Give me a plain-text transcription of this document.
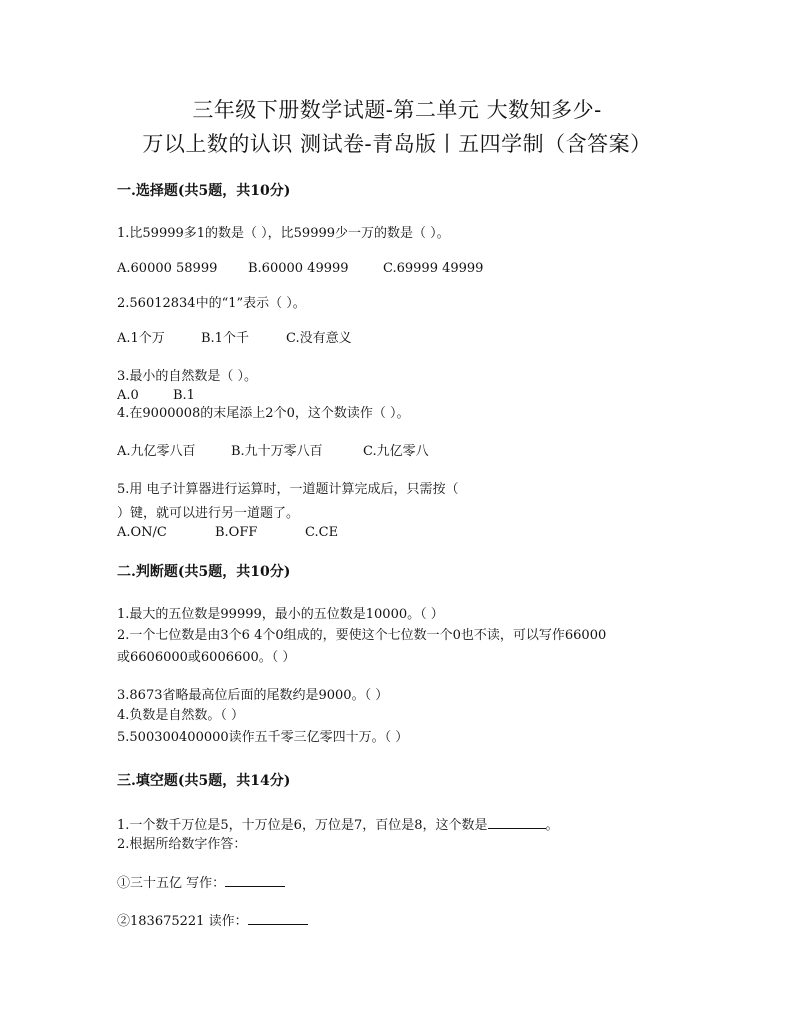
三年级下册数学试题-第二单元 大数知多少-
万以上数的认识 测试卷-青岛版丨五四学制（含答案）
一.选择题(共5题，共10分)
1.比59999多1的数是（ ），比59999少一万的数是（ ）。
A.60000 58999 B.60000 49999	C.69999 49999
2.56012834中的“1”表示（ ）。
A.1个万	B.1个千	C.没有意义
3.最小的自然数是（ ）。
A.0	B.1
4.在9000008的末尾添上2个0，这个数读作（ ）。
A.九亿零八百	B.九十万零八百	C.九亿零八
5.用 电子计算器进行运算时，一道题计算完成后，只需按（
）键，就可以进行另一道题了。
A.ON/C	B.OFF	C.CE
二.判断题(共5题，共10分)
1.最大的五位数是99999，最小的五位数是10000。（ ）
2.一个七位数是由3个6 4个0组成的，要使这个七位数一个0也不读，可以写作66000
或6606000或6006600。（ ）
3.8673省略最高位后面的尾数约是9000。（ ）
4.负数是自然数。（ ）
5.500300400000读作五千零三亿零四十万。（ ）
三.填空题(共5题，共14分)
1.一个数千万位是5，十万位是6，万位是7，百位是8，这个数是	。
2.根据所给数字作答：
①三十五亿 写作：
②183675221 读作：
